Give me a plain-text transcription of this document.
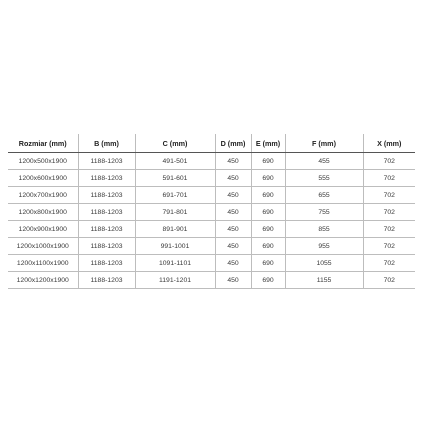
Rozmiar (mm)	B (mm)	C (mm)	D (mm)	E (mm)	F (mm)	X (mm)
1200x500x1900	1188-1203	491-501	450	690	455	702
1200x600x1900	1188-1203	591-601	450	690	555	702
1200x700x1900	1188-1203	691-701	450	690	655	702
1200x800x1900	1188-1203	791-801	450	690	755	702
1200x900x1900	1188-1203	891-901	450	690	855	702
1200x1000x1900	1188-1203	991-1001	450	690	955	702
1200x1100x1900	1188-1203	1091-1101	450	690	1055	702
1200x1200x1900	1188-1203	1191-1201	450	690	1155	702
